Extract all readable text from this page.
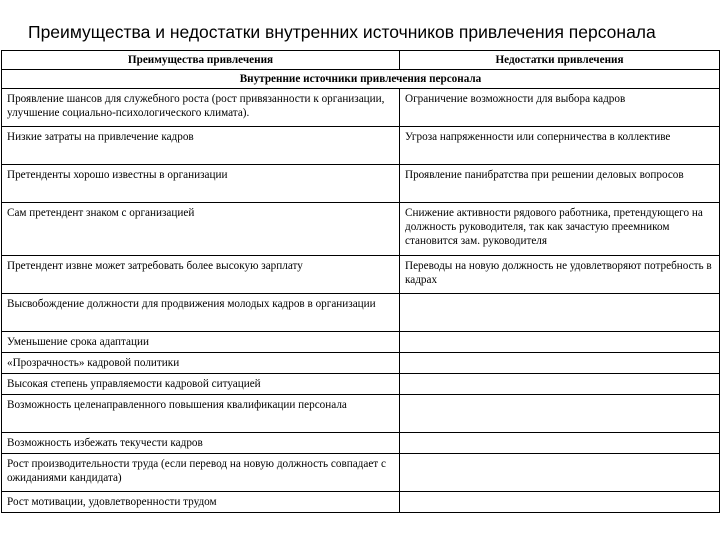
Преимущества и недостатки внутренних источников привлечения персонала
Преимущества привлечения	Недостатки привлечения
Внутренние источники привлечения персонала	
Проявление шансов для служебного роста (рост привязанности к организации, улучшение социально-психологического климата).	Ограничение возможности для выбора кадров
Низкие затраты на привлечение кадров	Угроза напряженности или соперничества в коллективе
Претенденты хорошо известны в организации	Проявление панибратства при решении деловых вопросов
Сам претендент знаком с организацией	Снижение активности рядового работника, претендующего на должность руководителя, так как зачастую преемником становится зам. руководителя
Претендент извне может затребовать более высокую зарплату	Переводы на новую должность не удовлетворяют потребность в кадрах
Высвобождение должности для продвижения молодых кадров в организации	
Уменьшение срока адаптации	
«Прозрачность» кадровой политики	
Высокая степень управляемости кадровой ситуацией	
Возможность целенаправленного повышения квалификации персонала	
Возможность избежать текучести кадров	
Рост производительности труда (если перевод на новую должность совпадает с ожиданиями кандидата)	
Рост мотивации, удовлетворенности трудом	
